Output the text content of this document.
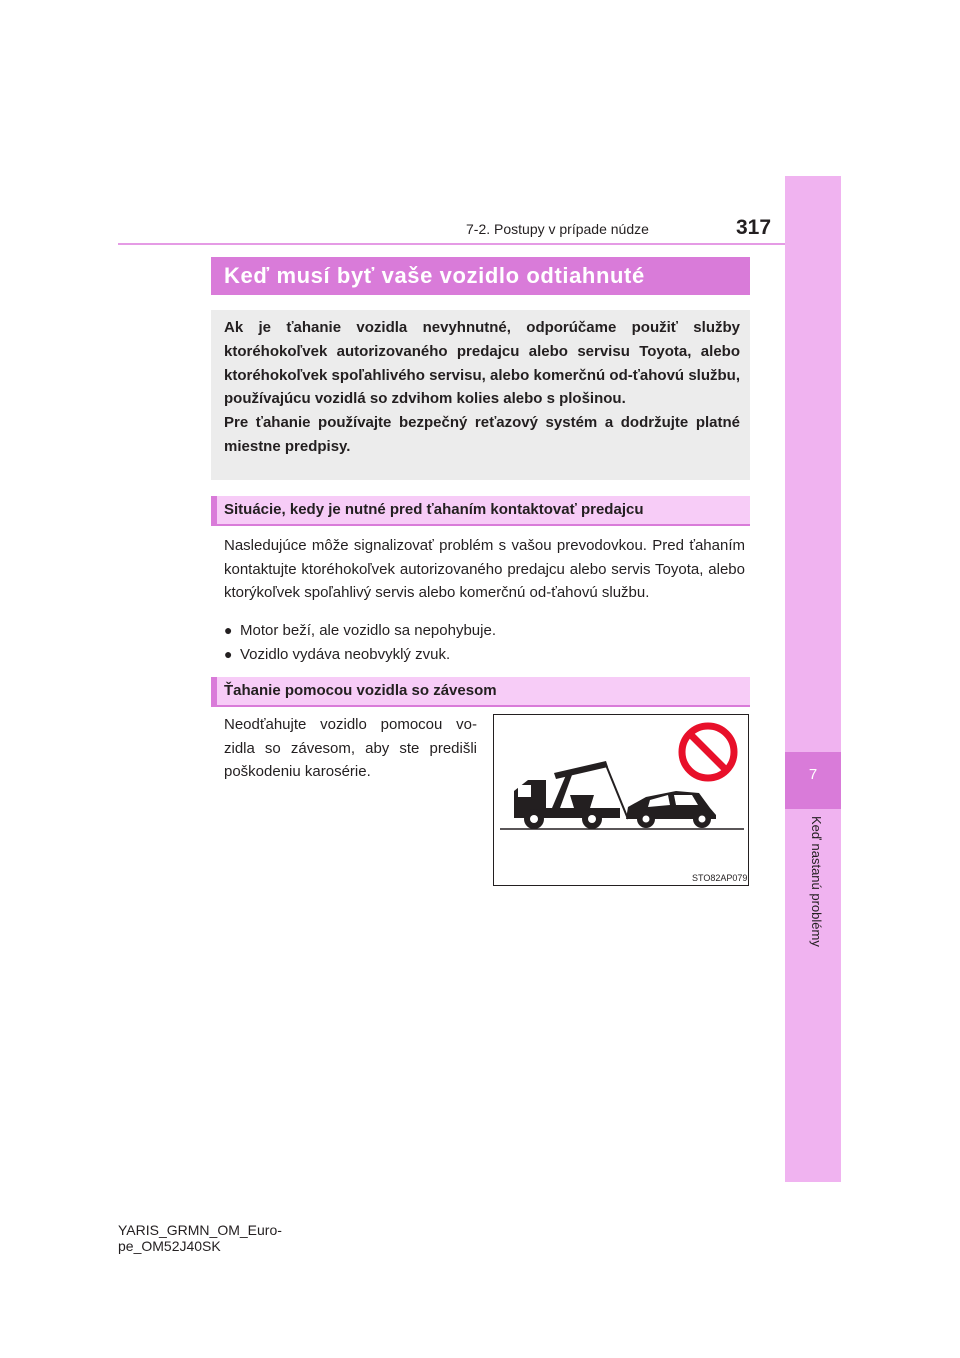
7
Keď nastanú problémy
7-2. Postupy v prípade núdze	317
Keď musí byť vaše vozidlo odtiahnuté

Ak je ťahanie vozidla nevyhnutné, odporúčame použiť služby ktoréhokoľvek autorizovaného predajcu alebo servisu Toyota, alebo ktoréhokoľvek spoľahlivého servisu, alebo komerčnú od-ťahovú službu, používajúcu vozidlá so zdvihom kolies alebo s plošinou.
Pre ťahanie používajte bezpečný reťazový systém a dodržujte platné miestne predpisy.

Situácie, kedy je nutné pred ťahaním kontaktovať predajcu

Nasledujúce môže signalizovať problém s vašou prevodovkou. Pred ťahaním kontaktujte ktoréhokoľvek autorizovaného predajcu alebo servis Toyota, alebo ktorýkoľvek spoľahlivý servis alebo komerčnú od-ťahovú službu.

● Motor beží, ale vozidlo sa nepohybuje.
● Vozidlo vydáva neobvyklý zvuk.
Ťahanie pomocou vozidla so závesom

Neodťahujte vozidlo pomocou vo-zidla so závesom, aby ste predišli poškodeniu karosérie.

STO82AP079
YARIS_GRMN_OM_Euro-
pe_OM52J40SK
